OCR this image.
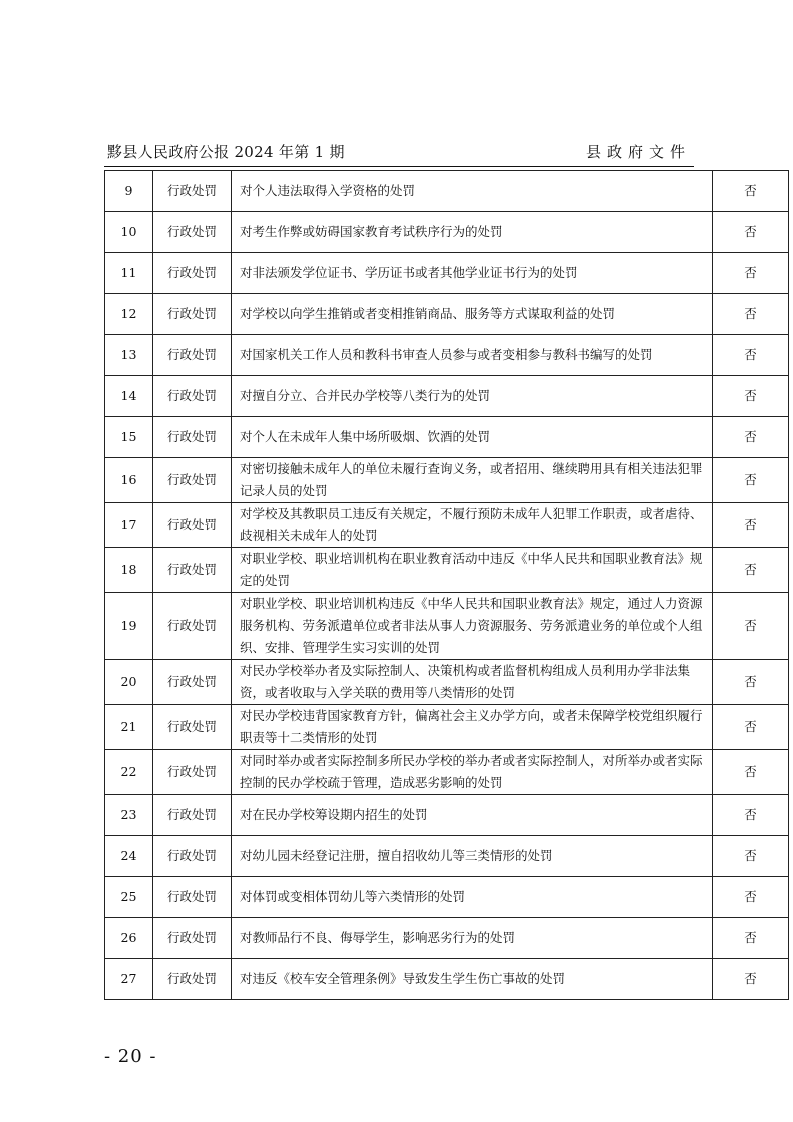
黟县人民政府公报 2024 年第 1 期	县政府文件
9	行政处罚	对个人违法取得入学资格的处罚	否
10	行政处罚	对考生作弊或妨碍国家教育考试秩序行为的处罚	否
11	行政处罚	对非法颁发学位证书、学历证书或者其他学业证书行为的处罚	否
12	行政处罚	对学校以向学生推销或者变相推销商品、服务等方式谋取利益的处罚	否
13	行政处罚	对国家机关工作人员和教科书审查人员参与或者变相参与教科书编写的处罚	否
14	行政处罚	对擅自分立、合并民办学校等八类行为的处罚	否
15	行政处罚	对个人在未成年人集中场所吸烟、饮酒的处罚	否
16	行政处罚	对密切接触未成年人的单位未履行查询义务，或者招用、继续聘用具有相关违法犯罪记录人员的处罚	否
17	行政处罚	对学校及其教职员工违反有关规定，不履行预防未成年人犯罪工作职责，或者虐待、歧视相关未成年人的处罚	否
18	行政处罚	对职业学校、职业培训机构在职业教育活动中违反《中华人民共和国职业教育法》规定的处罚	否
19	行政处罚	对职业学校、职业培训机构违反《中华人民共和国职业教育法》规定，通过人力资源服务机构、劳务派遣单位或者非法从事人力资源服务、劳务派遣业务的单位或个人组织、安排、管理学生实习实训的处罚	否
20	行政处罚	对民办学校举办者及实际控制人、决策机构或者监督机构组成人员利用办学非法集资，或者收取与入学关联的费用等八类情形的处罚	否
21	行政处罚	对民办学校违背国家教育方针，偏离社会主义办学方向，或者未保障学校党组织履行职责等十二类情形的处罚	否
22	行政处罚	对同时举办或者实际控制多所民办学校的举办者或者实际控制人，对所举办或者实际控制的民办学校疏于管理，造成恶劣影响的处罚	否
23	行政处罚	对在民办学校筹设期内招生的处罚	否
24	行政处罚	对幼儿园未经登记注册，擅自招收幼儿等三类情形的处罚	否
25	行政处罚	对体罚或变相体罚幼儿等六类情形的处罚	否
26	行政处罚	对教师品行不良、侮辱学生，影响恶劣行为的处罚	否
27	行政处罚	对违反《校车安全管理条例》导致发生学生伤亡事故的处罚	否
- 20 -
